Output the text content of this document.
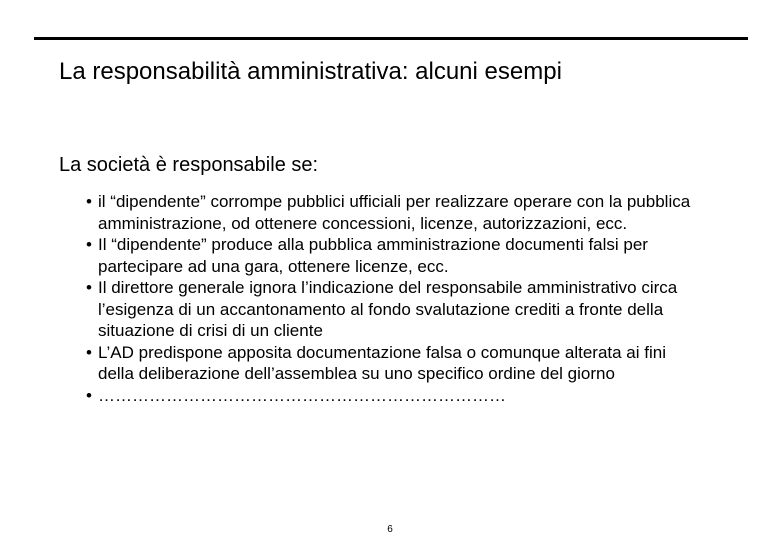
La responsabilità amministrativa: alcuni esempi

La società è responsabile se:

• il “dipendente” corrompe pubblici ufficiali per realizzare operare con la pubblica amministrazione, od ottenere concessioni, licenze, autorizzazioni, ecc.
• Il “dipendente” produce alla pubblica amministrazione documenti falsi per partecipare ad una gara, ottenere licenze, ecc.
• Il direttore generale ignora l’indicazione del responsabile amministrativo circa l’esigenza di un accantonamento al fondo svalutazione crediti a fronte della situazione di crisi di un cliente
• L’AD predispone apposita documentazione falsa o comunque alterata ai fini della deliberazione dell’assemblea su uno specifico ordine del giorno
• ………………………………………………………………
6
